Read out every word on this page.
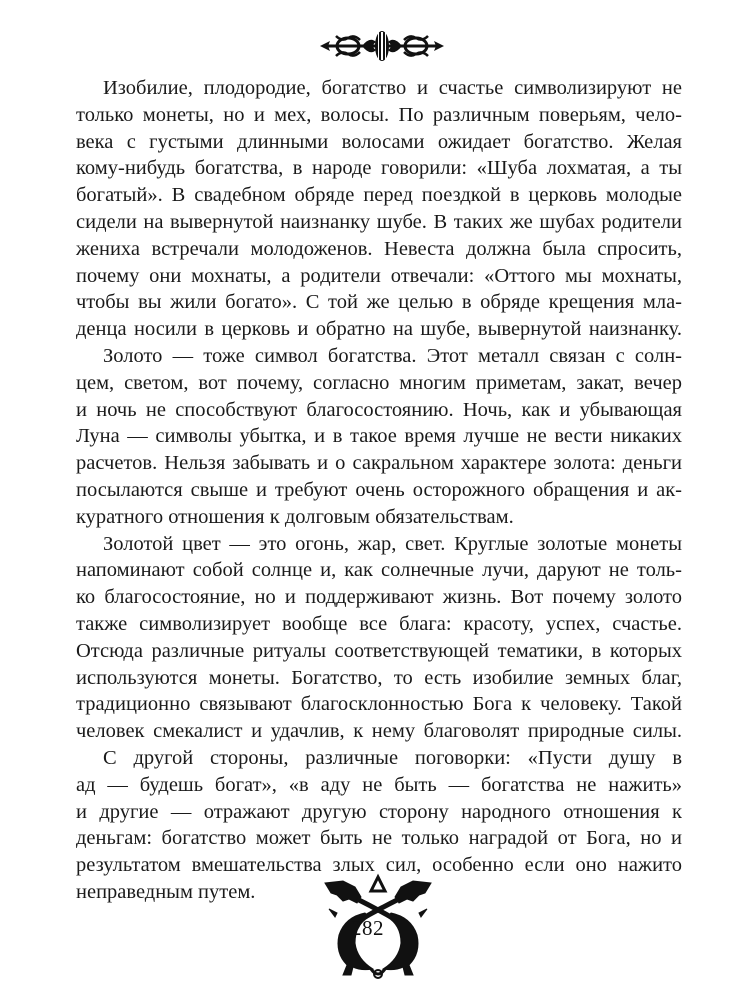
Изобилие, плодородие, богатство и счастье символизируют не
только монеты, но и мех, волосы. По различным поверьям, чело-
века с густыми длинными волосами ожидает богатство. Желая
кому-нибудь богатства, в народе говорили: «Шуба лохматая, а ты
богатый». В свадебном обряде перед поездкой в церковь молодые
сидели на вывернутой наизнанку шубе. В таких же шубах родители
жениха встречали молодоженов. Невеста должна была спросить,
почему они мохнаты, а родители отвечали: «Оттого мы мохнаты,
чтобы вы жили богато». С той же целью в обряде крещения мла-
денца носили в церковь и обратно на шубе, вывернутой наизнанку.
Золото — тоже символ богатства. Этот металл связан с солн-
цем, светом, вот почему, согласно многим приметам, закат, вечер
и ночь не способствуют благосостоянию. Ночь, как и убывающая
Луна — символы убытка, и в такое время лучше не вести никаких
расчетов. Нельзя забывать и о сакральном характере золота: деньги
посылаются свыше и требуют очень осторожного обращения и ак-
куратного отношения к долговым обязательствам.
Золотой цвет — это огонь, жар, свет. Круглые золотые монеты
напоминают собой солнце и, как солнечные лучи, даруют не толь-
ко благосостояние, но и поддерживают жизнь. Вот почему золото
также символизирует вообще все блага: красоту, успех, счастье.
Отсюда различные ритуалы соответствующей тематики, в которых
используются монеты. Богатство, то есть изобилие земных благ,
традиционно связывают благосклонностью Бога к человеку. Такой
человек смекалист и удачлив, к нему благоволят природные силы.
С другой стороны, различные поговорки: «Пусти душу в
ад — будешь богат», «в аду не быть — богатства не нажить»
и другие — отражают другую сторону народного отношения к
деньгам: богатство может быть не только наградой от Бога, но и
результатом вмешательства злых сил, особенно если оно нажито
неправедным путем.
282
